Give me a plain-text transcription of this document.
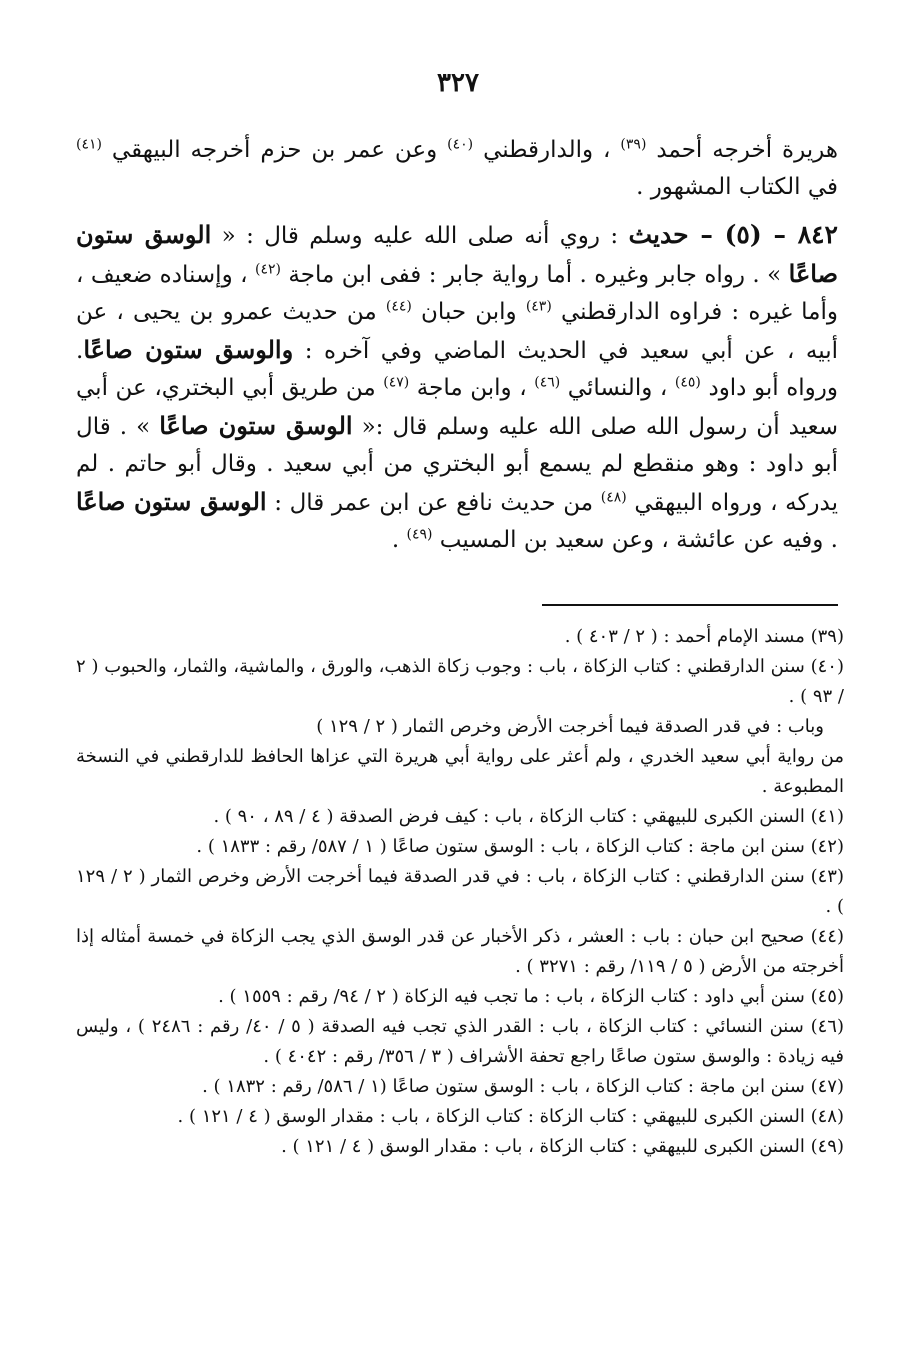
٣٢٧

هريرة أخرجه أحمد $^{(٣٩)}$ ، والدارقطني $^{(٤٠)}$ وعن عمر بن حزم أخرجه البيهقي $^{(٤١)}$ في الكتاب المشهور .

٨٤٢ – (٥) – حديث : روي أنه صلى الله عليه وسلم قال : « الوسق ستون صاعًا » . رواه جابر وغيره . أما رواية جابر : ففى ابن ماجة $^{(٤٢)}$ ، وإسناده ضعيف ، وأما غيره : فراوه الدارقطني $^{(٤٣)}$ وابن حبان $^{(٤٤)}$ من حديث عمرو بن يحيى ، عن أبيه ، عن أبي سعيد في الحديث الماضي وفي آخره : والوسق ستون صاعًا. ورواه أبو داود $^{(٤٥)}$ ، والنسائي $^{(٤٦)}$ ، وابن ماجة $^{(٤٧)}$ من طريق أبي البختري، عن أبي سعيد أن رسول الله صلى الله عليه وسلم قال :« الوسق ستون صاعًا » . قال أبو داود : وهو منقطع لم يسمع أبو البختري من أبي سعيد . وقال أبو حاتم . لم يدركه ، ورواه البيهقي $^{(٤٨)}$ من حديث نافع عن ابن عمر قال : الوسق ستون صاعًا . وفيه عن عائشة ، وعن سعيد بن المسيب $^{(٤٩)}$ .

(٣٩) مسند الإمام أحمد : ( ٢ / ٤٠٣ ) .

(٤٠) سنن الدارقطني : كتاب الزكاة ، باب : وجوب زكاة الذهب، والورق ، والماشية، والثمار، والحبوب ( ٢ / ٩٣ ) .

وباب : في قدر الصدقة فيما أخرجت الأرض وخرص الثمار ( ٢ / ١٢٩ )

من رواية أبي سعيد الخدري ، ولم أعثر على رواية أبي هريرة التي عزاها الحافظ للدارقطني في النسخة المطبوعة .

(٤١) السنن الكبرى للبيهقي : كتاب الزكاة ، باب : كيف فرض الصدقة ( ٤ / ٨٩ ، ٩٠ ) .

(٤٢) سنن ابن ماجة : كتاب الزكاة ، باب : الوسق ستون صاعًا ( ١ / ٥٨٧/ رقم : ١٨٣٣ ) .

(٤٣) سنن الدارقطني : كتاب الزكاة ، باب : في قدر الصدقة فيما أخرجت الأرض وخرص الثمار ( ٢ / ١٢٩ ) .

(٤٤) صحيح ابن حبان : باب : العشر ، ذكر الأخبار عن قدر الوسق الذي يجب الزكاة في خمسة أمثاله إذا أخرجته من الأرض ( ٥ / ١١٩/ رقم : ٣٢٧١ ) .

(٤٥) سنن أبي داود : كتاب الزكاة ، باب : ما تجب فيه الزكاة ( ٢ / ٩٤/ رقم : ١٥٥٩ ) .

(٤٦) سنن النسائي : كتاب الزكاة ، باب : القدر الذي تجب فيه الصدقة ( ٥ / ٤٠/ رقم : ٢٤٨٦ ) ، وليس فيه زيادة : والوسق ستون صاعًا راجع تحفة الأشراف ( ٣ / ٣٥٦/ رقم : ٤٠٤٢ ) .

(٤٧) سنن ابن ماجة : كتاب الزكاة ، باب : الوسق ستون صاعًا (١ / ٥٨٦/ رقم : ١٨٣٢ ) .

(٤٨) السنن الكبرى للبيهقي : كتاب الزكاة : كتاب الزكاة ، باب : مقدار الوسق ( ٤ / ١٢١ ) .

(٤٩) السنن الكبرى للبيهقي : كتاب الزكاة ، باب : مقدار الوسق ( ٤ / ١٢١ ) .
